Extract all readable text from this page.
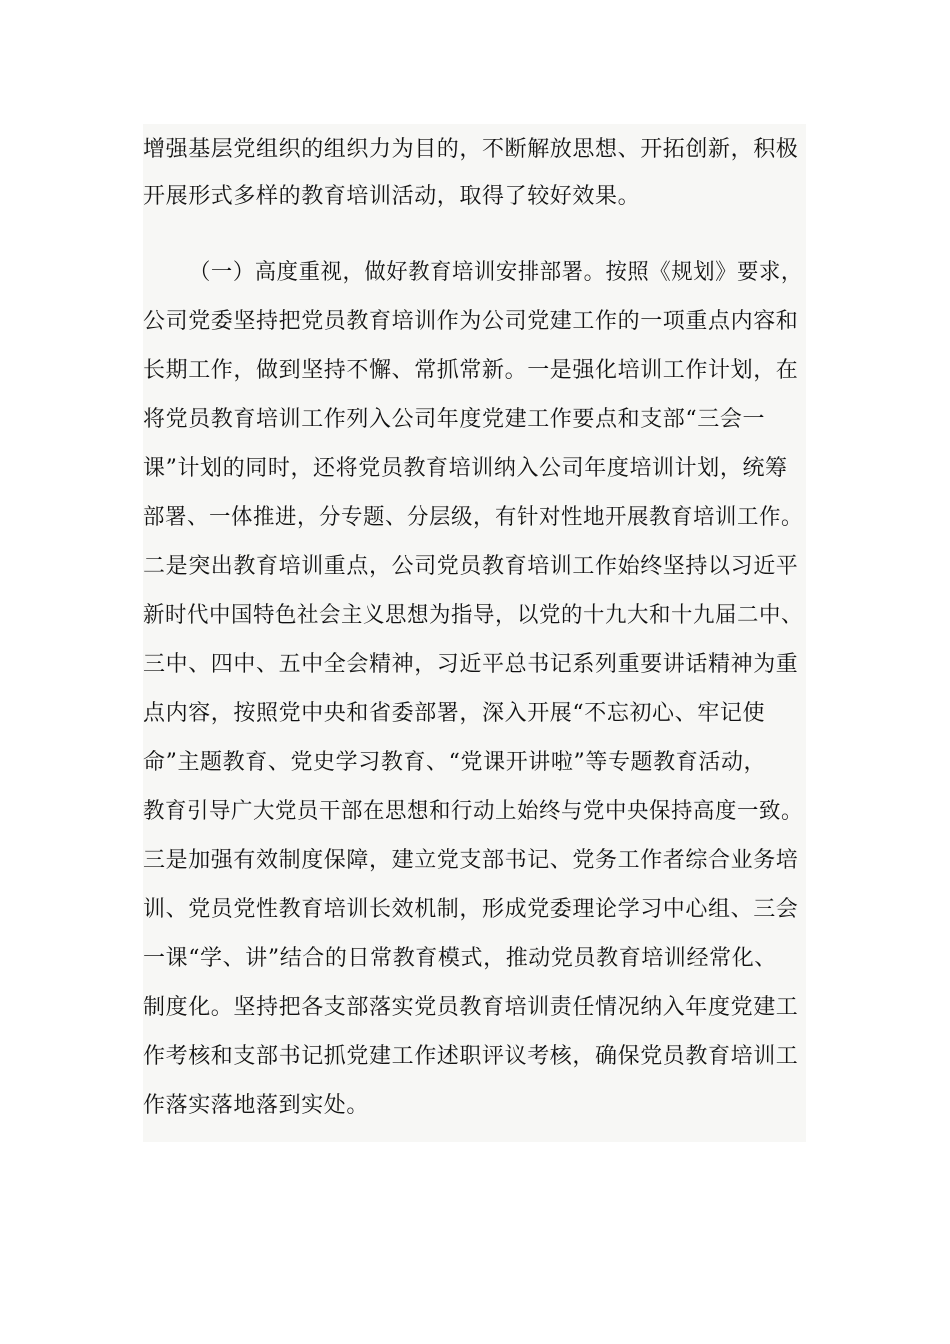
增强基层党组织的组织力为目的，不断解放思想、开拓创新，积极
开展形式多样的教育培训活动，取得了较好效果。
（一）高度重视，做好教育培训安排部署。按照《规划》要求，
公司党委坚持把党员教育培训作为公司党建工作的一项重点内容和
长期工作，做到坚持不懈、常抓常新。一是强化培训工作计划，在
将党员教育培训工作列入公司年度党建工作要点和支部“三会一
课”计划的同时，还将党员教育培训纳入公司年度培训计划，统筹
部署、一体推进，分专题、分层级，有针对性地开展教育培训工作。
二是突出教育培训重点，公司党员教育培训工作始终坚持以习近平
新时代中国特色社会主义思想为指导，以党的十九大和十九届二中、
三中、四中、五中全会精神，习近平总书记系列重要讲话精神为重
点内容，按照党中央和省委部署，深入开展“不忘初心、牢记使
命”主题教育、党史学习教育、“党课开讲啦”等专题教育活动，
教育引导广大党员干部在思想和行动上始终与党中央保持高度一致。
三是加强有效制度保障，建立党支部书记、党务工作者综合业务培
训、党员党性教育培训长效机制，形成党委理论学习中心组、三会
一课“学、讲”结合的日常教育模式，推动党员教育培训经常化、
制度化。坚持把各支部落实党员教育培训责任情况纳入年度党建工
作考核和支部书记抓党建工作述职评议考核，确保党员教育培训工
作落实落地落到实处。
